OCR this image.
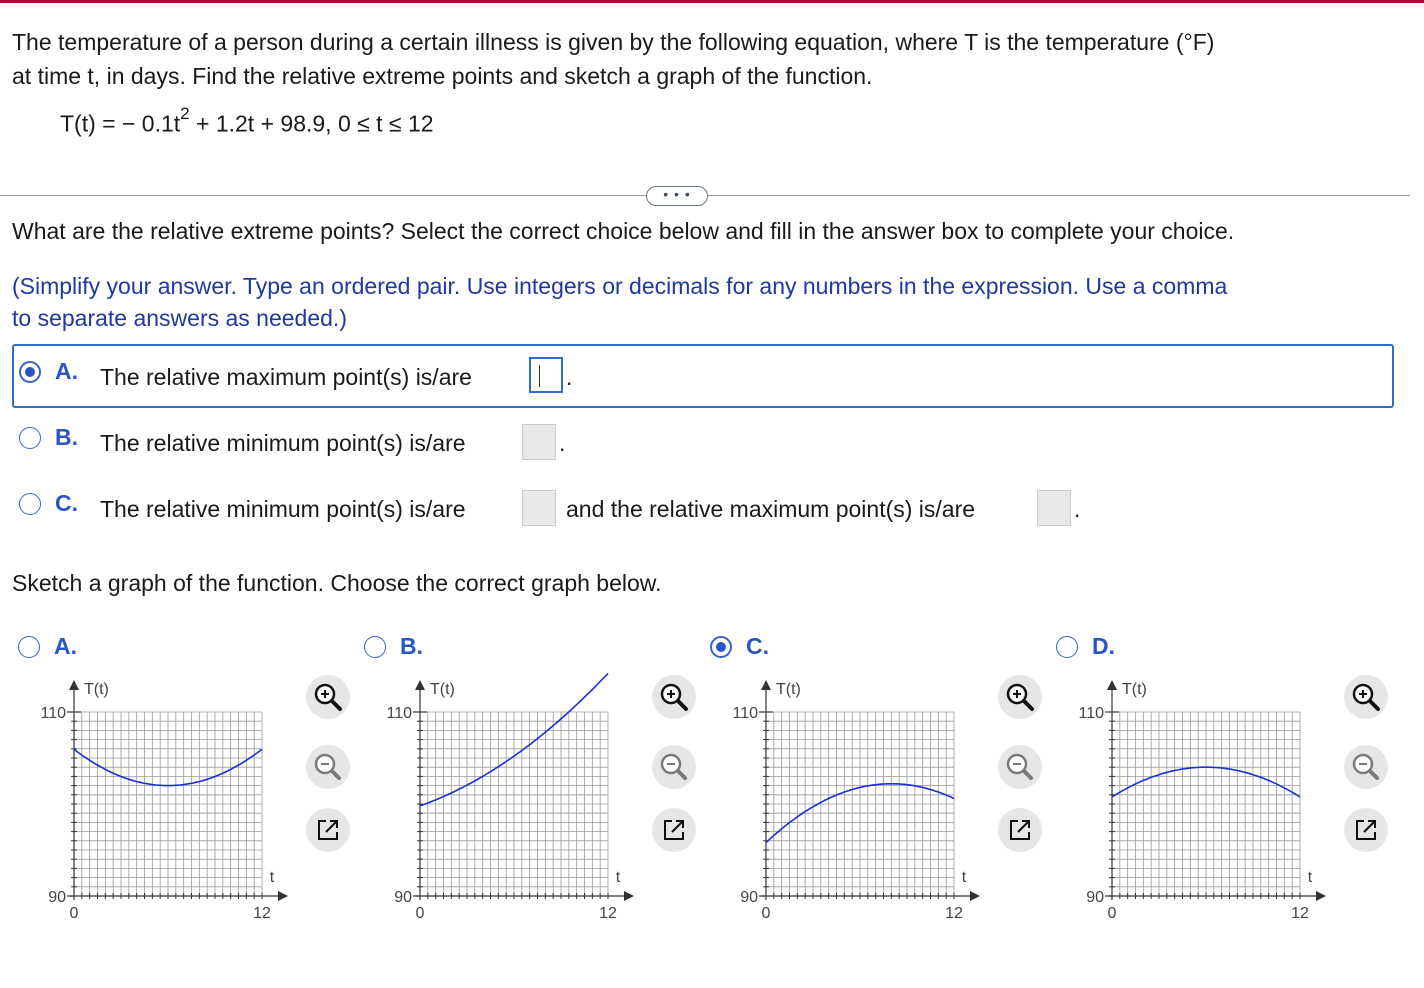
The temperature of a person during a certain illness is given by the following equation, where T is the temperature (°F)
at time t, in days. Find the relative extreme points and sketch a graph of the function.
T(t) = − $0.1t^2 + 1.2t + 98.9$, 0 ≤ t ≤ 12
• • •
What are the relative extreme points? Select the correct choice below and fill in the answer box to complete your choice.
(Simplify your answer. Type an ordered pair. Use integers or decimals for any numbers in the expression. Use a comma
to separate answers as needed.)
A. The relative maximum point(s) is/are	.
B. The relative minimum point(s) is/are	.
C. The relative minimum point(s) is/are	and the relative maximum point(s) is/are	.
Sketch a graph of the function. Choose the correct graph below.
A.	B.	C.	D.
T(t)
110
90
t
0	12
T(t)
110
90
t
0	12
T(t)
110
90
t
0	12
T(t)
110
90
t
0	12
